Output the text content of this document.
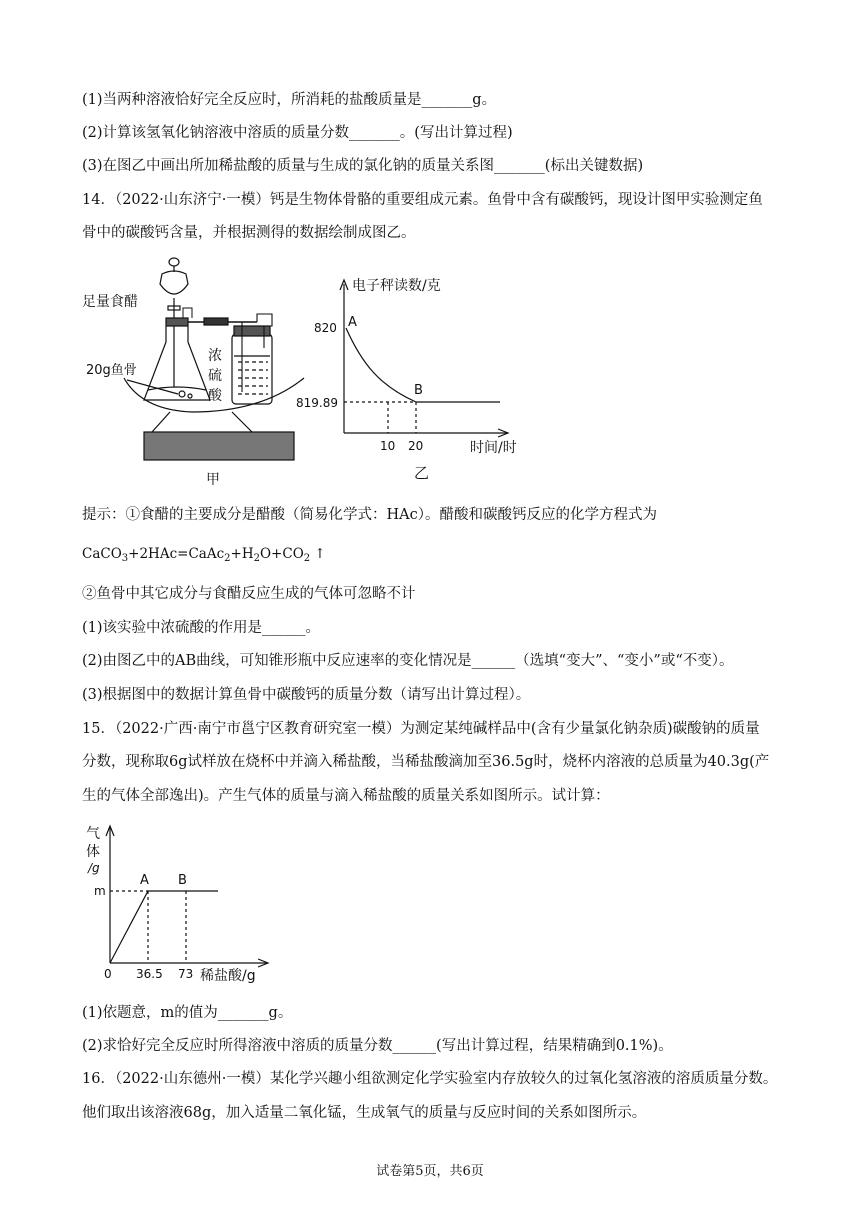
(1)当两种溶液恰好完全反应时，所消耗的盐酸质量是_______g。
(2)计算该氢氧化钠溶液中溶质的质量分数_______。(写出计算过程)
(3)在图乙中画出所加稀盐酸的质量与生成的氯化钠的质量关系图_______(标出关键数据)
14．（2022·山东济宁·一模）钙是生物体骨骼的重要组成元素。鱼骨中含有碳酸钙，现设计图甲实验测定鱼
骨中的碳酸钙含量，并根据测得的数据绘制成图乙。
足量食醋
20g鱼骨
浓
硫
酸
甲
电子秤读数/克
820
819.89
A
B
10 20	时间/时
乙
提示：①食醋的主要成分是醋酸（简易化学式：HAc）。醋酸和碳酸钙反应的化学方程式为
$CaCO_3+2HAc=CaAc_2+H_2O+CO_2$ ↑
②鱼骨中其它成分与食醋反应生成的气体可忽略不计
(1)该实验中浓硫酸的作用是______。
(2)由图乙中的AB曲线，可知锥形瓶中反应速率的变化情况是______（选填“变大”、“变小”或“不变）。
(3)根据图中的数据计算鱼骨中碳酸钙的质量分数（请写出计算过程）。
15．（2022·广西·南宁市邕宁区教育研究室一模）为测定某纯碱样品中(含有少量氯化钠杂质)碳酸钠的质量
分数，现称取6g试样放在烧杯中并滴入稀盐酸，当稀盐酸滴加至36.5g时，烧杯内溶液的总质量为40.3g(产
生的气体全部逸出)。产生气体的质量与滴入稀盐酸的质量关系如图所示。试计算：
气
体
/g
m
A B
0 36.5 73 稀盐酸/g
(1)依题意，m的值为_______g。
(2)求恰好完全反应时所得溶液中溶质的质量分数______(写出计算过程，结果精确到0.1%)。
16．（2022·山东德州·一模）某化学兴趣小组欲测定化学实验室内存放较久的过氧化氢溶液的溶质质量分数。
他们取出该溶液68g，加入适量二氧化锰，生成氧气的质量与反应时间的关系如图所示。
试卷第5页，共6页
